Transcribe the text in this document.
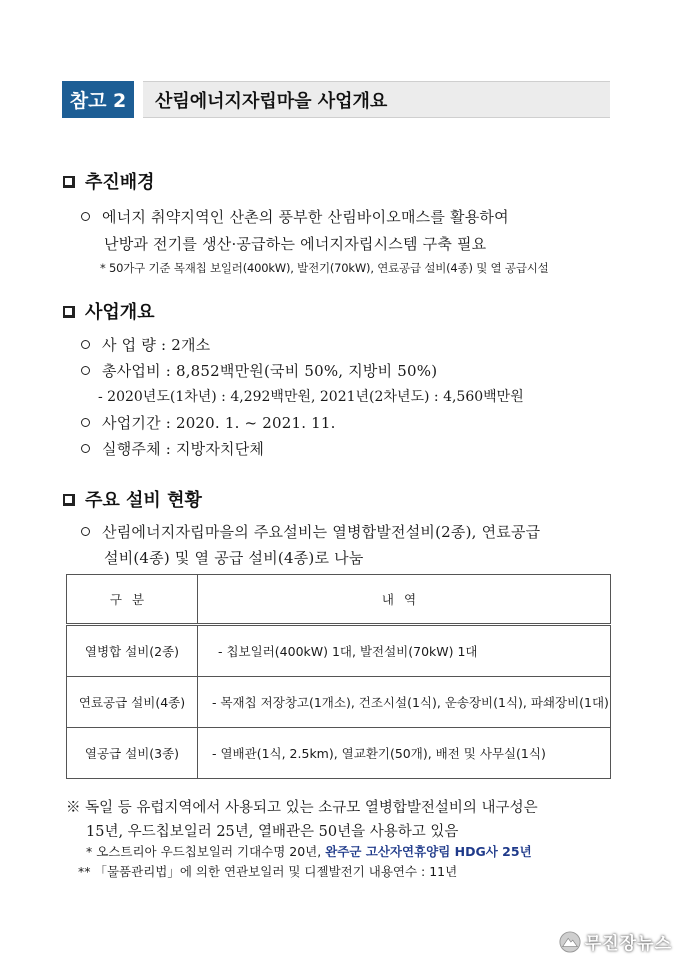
참고 2	산림에너지자립마을 사업개요
추진배경
에너지 취약지역인 산촌의 풍부한 산림바이오매스를 활용하여
난방과 전기를 생산·공급하는 에너지자립시스템 구축 필요
* 50가구 기준 목재칩 보일러(400kW), 발전기(70kW), 연료공급 설비(4종) 및 열 공급시설
사업개요
사 업 량 : 2개소
총사업비 : 8,852백만원(국비 50%, 지방비 50%)
- 2020년도(1차년) : 4,292백만원, 2021년(2차년도) : 4,560백만원
사업기간 : 2020. 1. ~ 2021. 11.
실행주체 : 지방자치단체
주요 설비 현황
산림에너지자립마을의 주요설비는 열병합발전설비(2종), 연료공급
설비(4종) 및 열 공급 설비(4종)로 나눔
구분	내역
열병합 설비(2종)	- 칩보일러(400kW) 1대, 발전설비(70kW) 1대
연료공급 설비(4종)	- 목재칩 저장창고(1개소), 건조시설(1식), 운송장비(1식), 파쇄장비(1대)
열공급 설비(3종)	- 열배관(1식, 2.5km), 열교환기(50개), 배전 및 사무실(1식)
※ 독일 등 유럽지역에서 사용되고 있는 소규모 열병합발전설비의 내구성은
15년, 우드칩보일러 25년, 열배관은 50년을 사용하고 있음
* 오스트리아 우드칩보일러 기대수명 20년, 완주군 고산자연휴양림 HDG사 25년
** 「물품관리법」에 의한 연관보일러 및 디젤발전기 내용연수 : 11년
무진장뉴스
